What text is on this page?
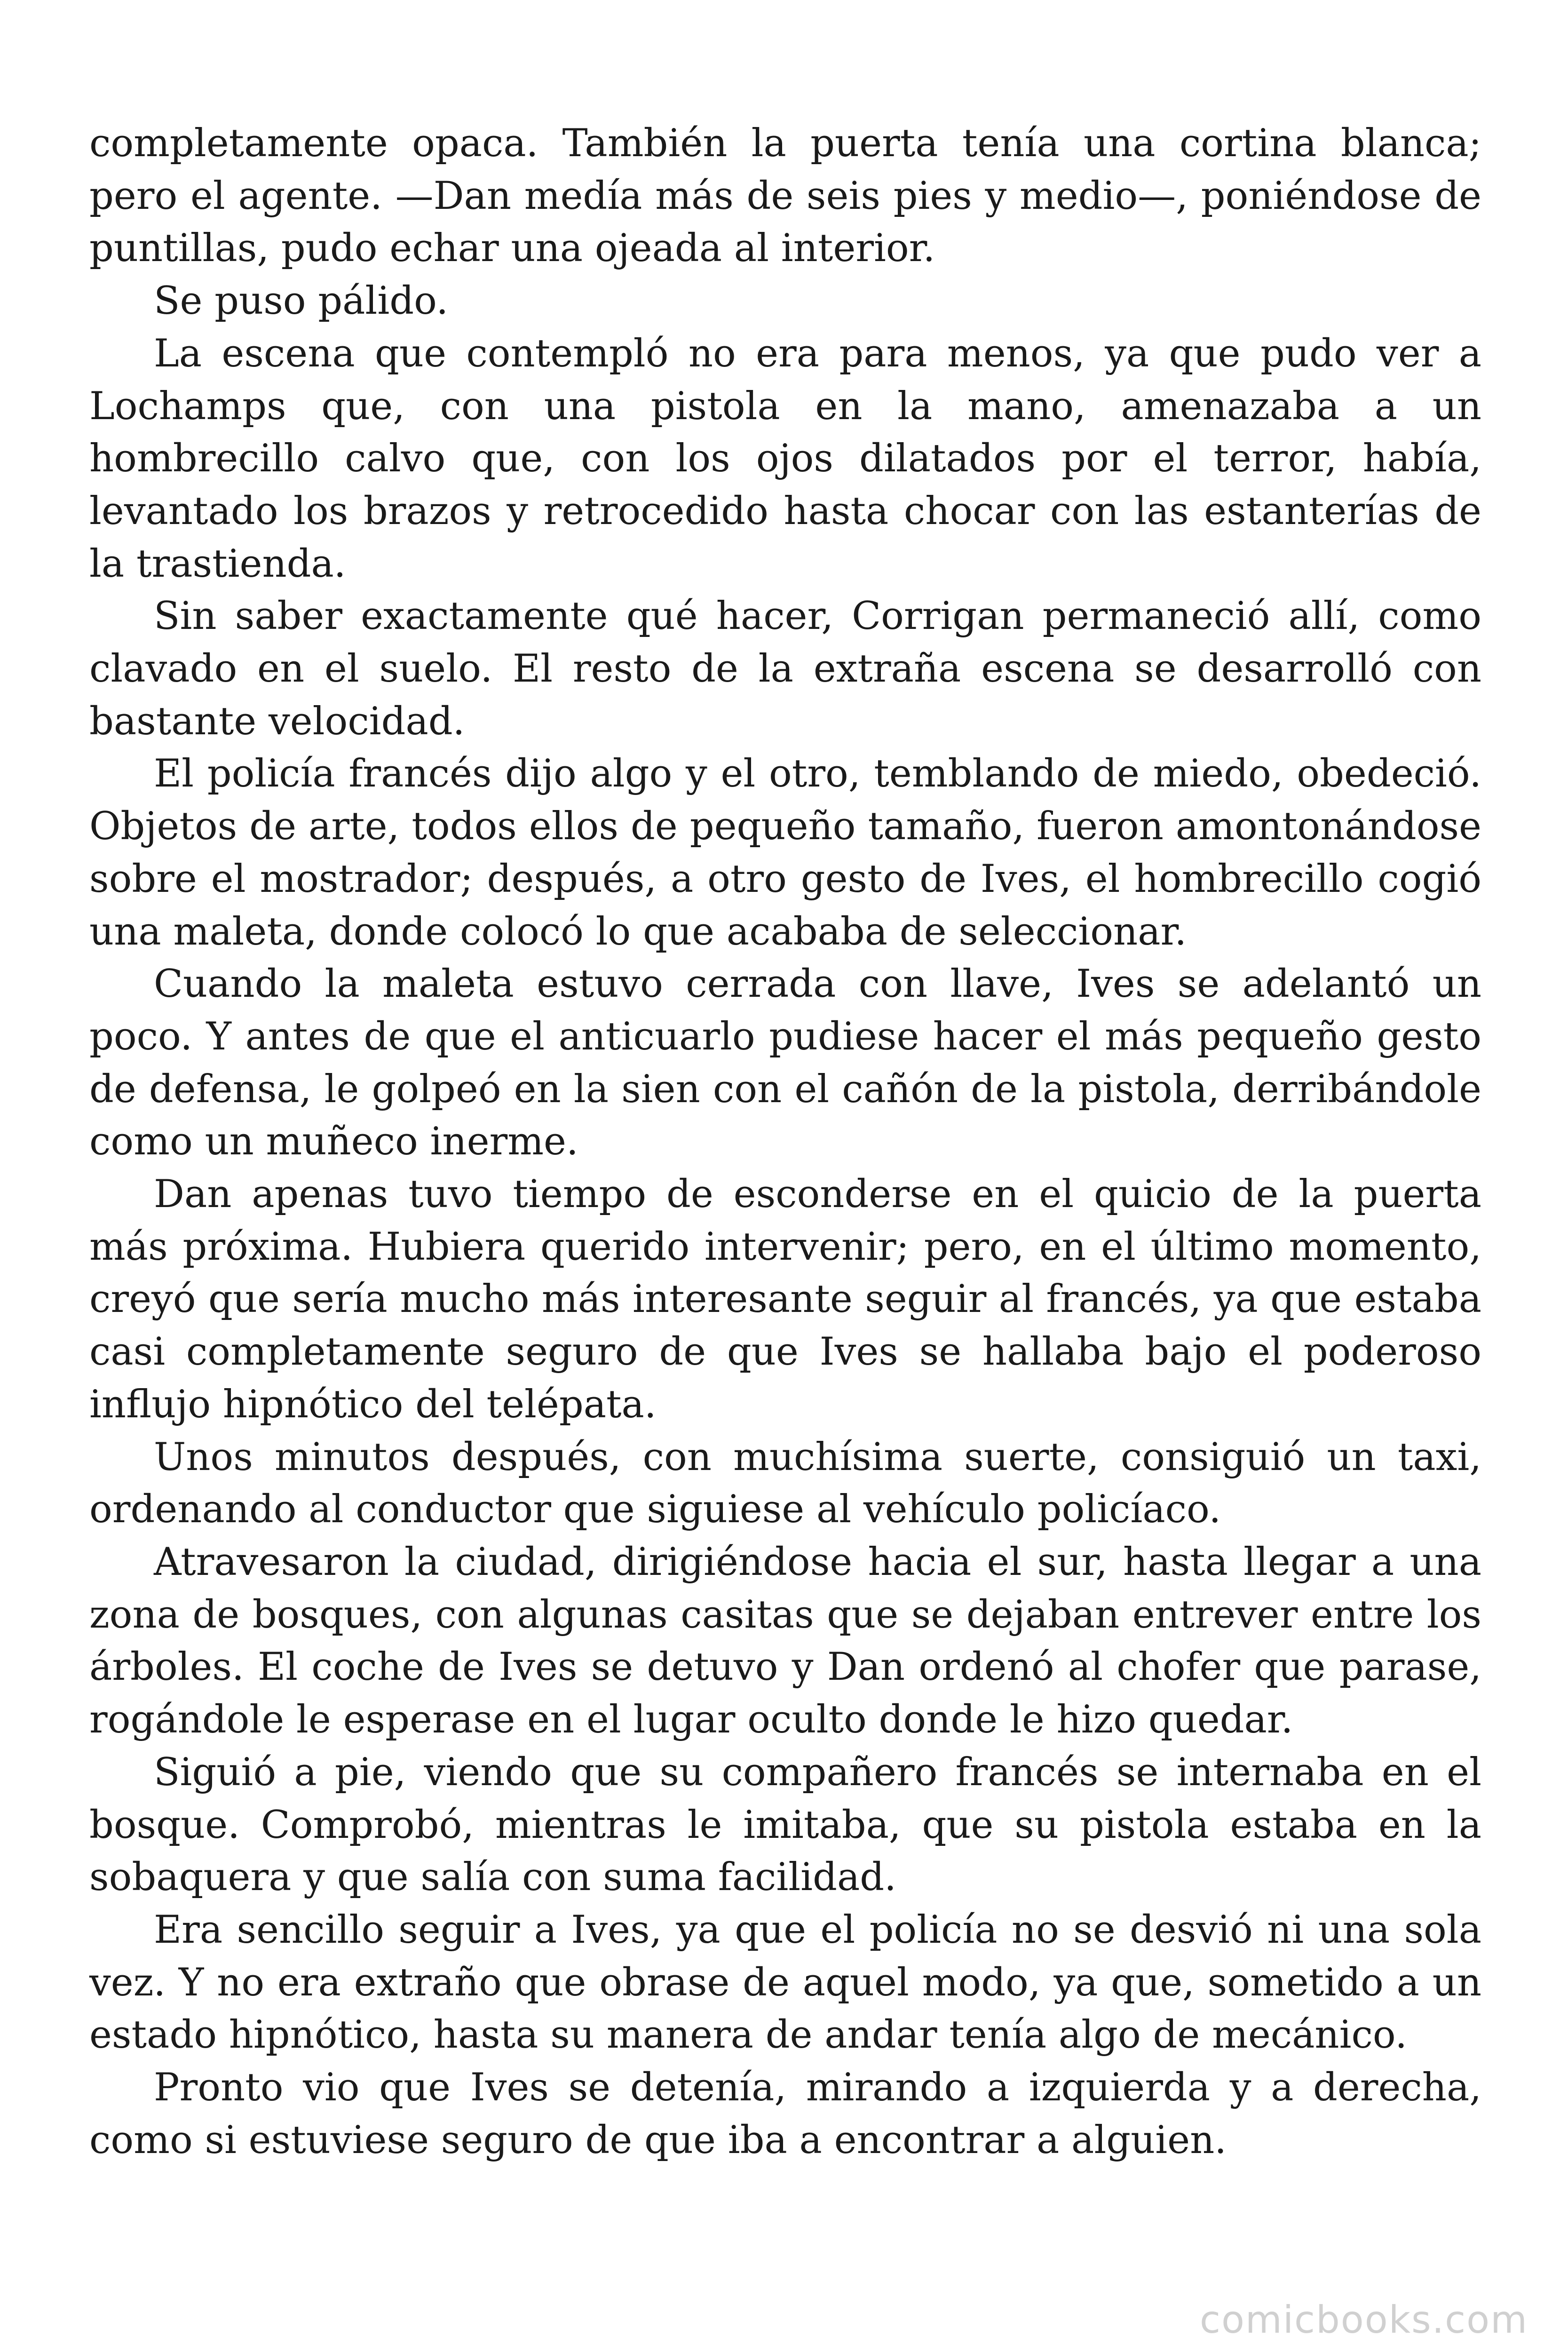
completamente opaca. También la puerta tenía una cortina blanca; pero el agente. —Dan medía más de seis pies y medio—, poniéndose de puntillas, pudo echar una ojeada al interior.

Se puso pálido.

La escena que contempló no era para menos, ya que pudo ver a Lochamps que, con una pistola en la mano, amenazaba a un hombrecillo calvo que, con los ojos dilatados por el terror, había, levantado los brazos y retrocedido hasta chocar con las estanterías de la trastienda.

Sin saber exactamente qué hacer, Corrigan permaneció allí, como clavado en el suelo. El resto de la extraña escena se desarrolló con bastante velocidad.

El policía francés dijo algo y el otro, temblando de miedo, obedeció. Objetos de arte, todos ellos de pequeño tamaño, fueron amontonándose sobre el mostrador; después, a otro gesto de Ives, el hombrecillo cogió una maleta, donde colocó lo que acababa de seleccionar.

Cuando la maleta estuvo cerrada con llave, Ives se adelantó un poco. Y antes de que el anticuarlo pudiese hacer el más pequeño gesto de defensa, le golpeó en la sien con el cañón de la pistola, derribándole como un muñeco inerme.

Dan apenas tuvo tiempo de esconderse en el quicio de la puerta más próxima. Hubiera querido intervenir; pero, en el último momento, creyó que sería mucho más interesante seguir al francés, ya que estaba casi completamente seguro de que Ives se hallaba bajo el poderoso influjo hipnótico del telépata.

Unos minutos después, con muchísima suerte, consiguió un taxi, ordenando al conductor que siguiese al vehículo policíaco.

Atravesaron la ciudad, dirigiéndose hacia el sur, hasta llegar a una zona de bosques, con algunas casitas que se dejaban entrever entre los árboles. El coche de Ives se detuvo y Dan ordenó al chofer que parase, rogándole le esperase en el lugar oculto donde le hizo quedar.

Siguió a pie, viendo que su compañero francés se internaba en el bosque. Comprobó, mientras le imitaba, que su pistola estaba en la sobaquera y que salía con suma facilidad.

Era sencillo seguir a Ives, ya que el policía no se desvió ni una sola vez. Y no era extraño que obrase de aquel modo, ya que, sometido a un estado hipnótico, hasta su manera de andar tenía algo de mecánico.

Pronto vio que Ives se detenía, mirando a izquierda y a derecha, como si estuviese seguro de que iba a encontrar a alguien.

comicbooks.com
